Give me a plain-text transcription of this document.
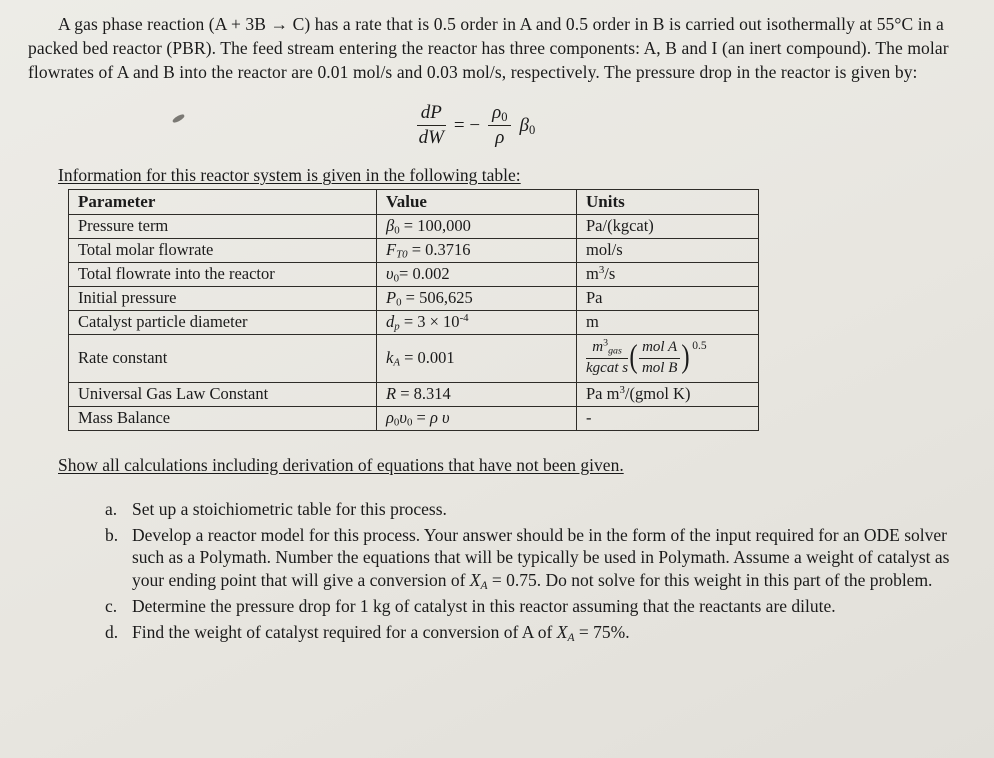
A gas phase reaction (A + 3B → C) has a rate that is 0.5 order in A and 0.5 order in B is carried out isothermally at 55°C in a packed bed reactor (PBR). The feed stream entering the reactor has three components: A, B and I (an inert compound). The molar flowrates of A and B into the reactor are 0.01 mol/s and 0.03 mol/s, respectively. The pressure drop in the reactor is given by:

$\frac{dP}{dW}$ = − $\frac{\rho_0}{\rho} \beta_0$

Information for this reactor system is given in the following table:

Parameter	Value	Units
Pressure term	$\beta_0 = 100,000$	Pa/(kgcat)
Total molar flowrate	$F_{T0} = 0.3716$	mol/s
Total flowrate into the reactor	$\upsilon_0= 0.002$	$m^3/s$
Initial pressure	$P_0 = 506,625$	Pa
Catalyst particle diameter	$d_p = 3 \times 10^{-4}$	m
Rate constant	$k_A = 0.001$	$\frac{m^3_{gas}}{\text{kgcat s}}$ ( $\frac{\text{mol A}}{\text{mol B}}$ ) 0.5

Universal Gas Law Constant	R = 8.314	Pa $m^3/(gmol$ K)
Mass Balance	$\rho_0\upsilon_0 = \rho$ υ	-

Show all calculations including derivation of equations that have not been given.

a. Set up a stoichiometric table for this process.
b. Develop a reactor model for this process. Your answer should be in the form of the input required for an ODE solver such as a Polymath. Number the equations that will be typically be used in Polymath. Assume a weight of catalyst as your ending point that will give a conversion of $X_A = 0.75$. Do not solve for this weight in this part of the problem.
c. Determine the pressure drop for 1 kg of catalyst in this reactor assuming that the reactants are dilute.
d. Find the weight of catalyst required for a conversion of A of $X_A = 75\%$.
